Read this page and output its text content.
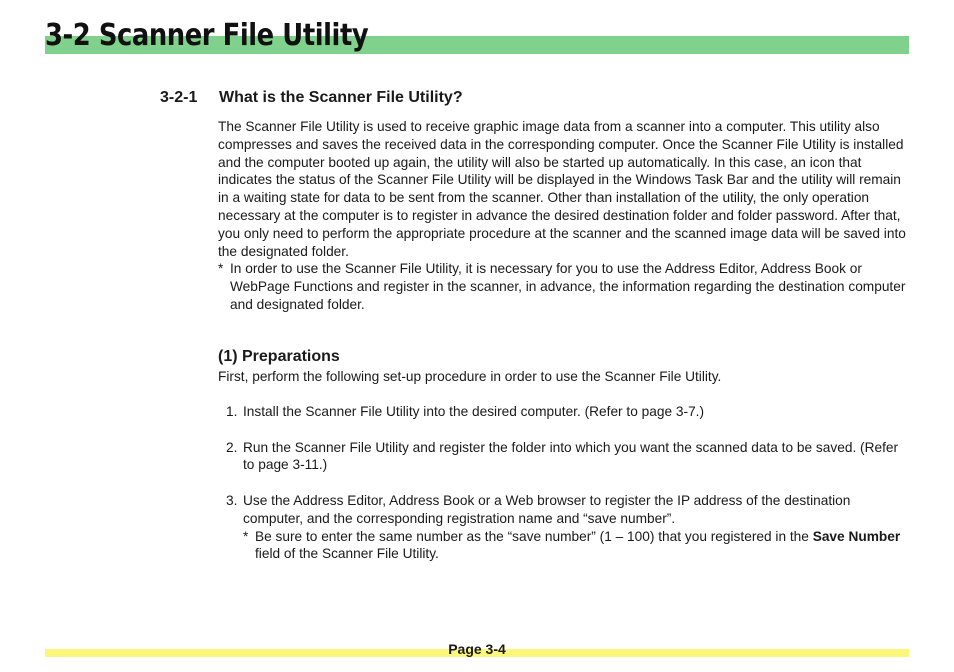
3-2 Scanner File Utility
3-2-1 What is the Scanner File Utility?

The Scanner File Utility is used to receive graphic image data from a scanner into a computer. This utility also compresses and saves the received data in the corresponding computer. Once the Scanner File Utility is installed and the computer booted up again, the utility will also be started up automatically. In this case, an icon that indicates the status of the Scanner File Utility will be displayed in the Windows Task Bar and the utility will remain in a waiting state for data to be sent from the scanner. Other than installation of the utility, the only operation necessary at the computer is to register in advance the desired destination folder and folder password. After that, you only need to perform the appropriate procedure at the scanner and the scanned image data will be saved into the designated folder.

* In order to use the Scanner File Utility, it is necessary for you to use the Address Editor, Address Book or WebPage Functions and register in the scanner, in advance, the information regarding the destination computer and designated folder.
(1) Preparations

First, perform the following set-up procedure in order to use the Scanner File Utility.

1. Install the Scanner File Utility into the desired computer. (Refer to page 3-7.)
2. Run the Scanner File Utility and register the folder into which you want the scanned data to be saved. (Refer to page 3-11.)
3. Use the Address Editor, Address Book or a Web browser to register the IP address of the destination computer, and the corresponding registration name and “save number”.
* Be sure to enter the same number as the “save number” (1 – 100) that you registered in the Save Number field of the Scanner File Utility.
Page 3-4
